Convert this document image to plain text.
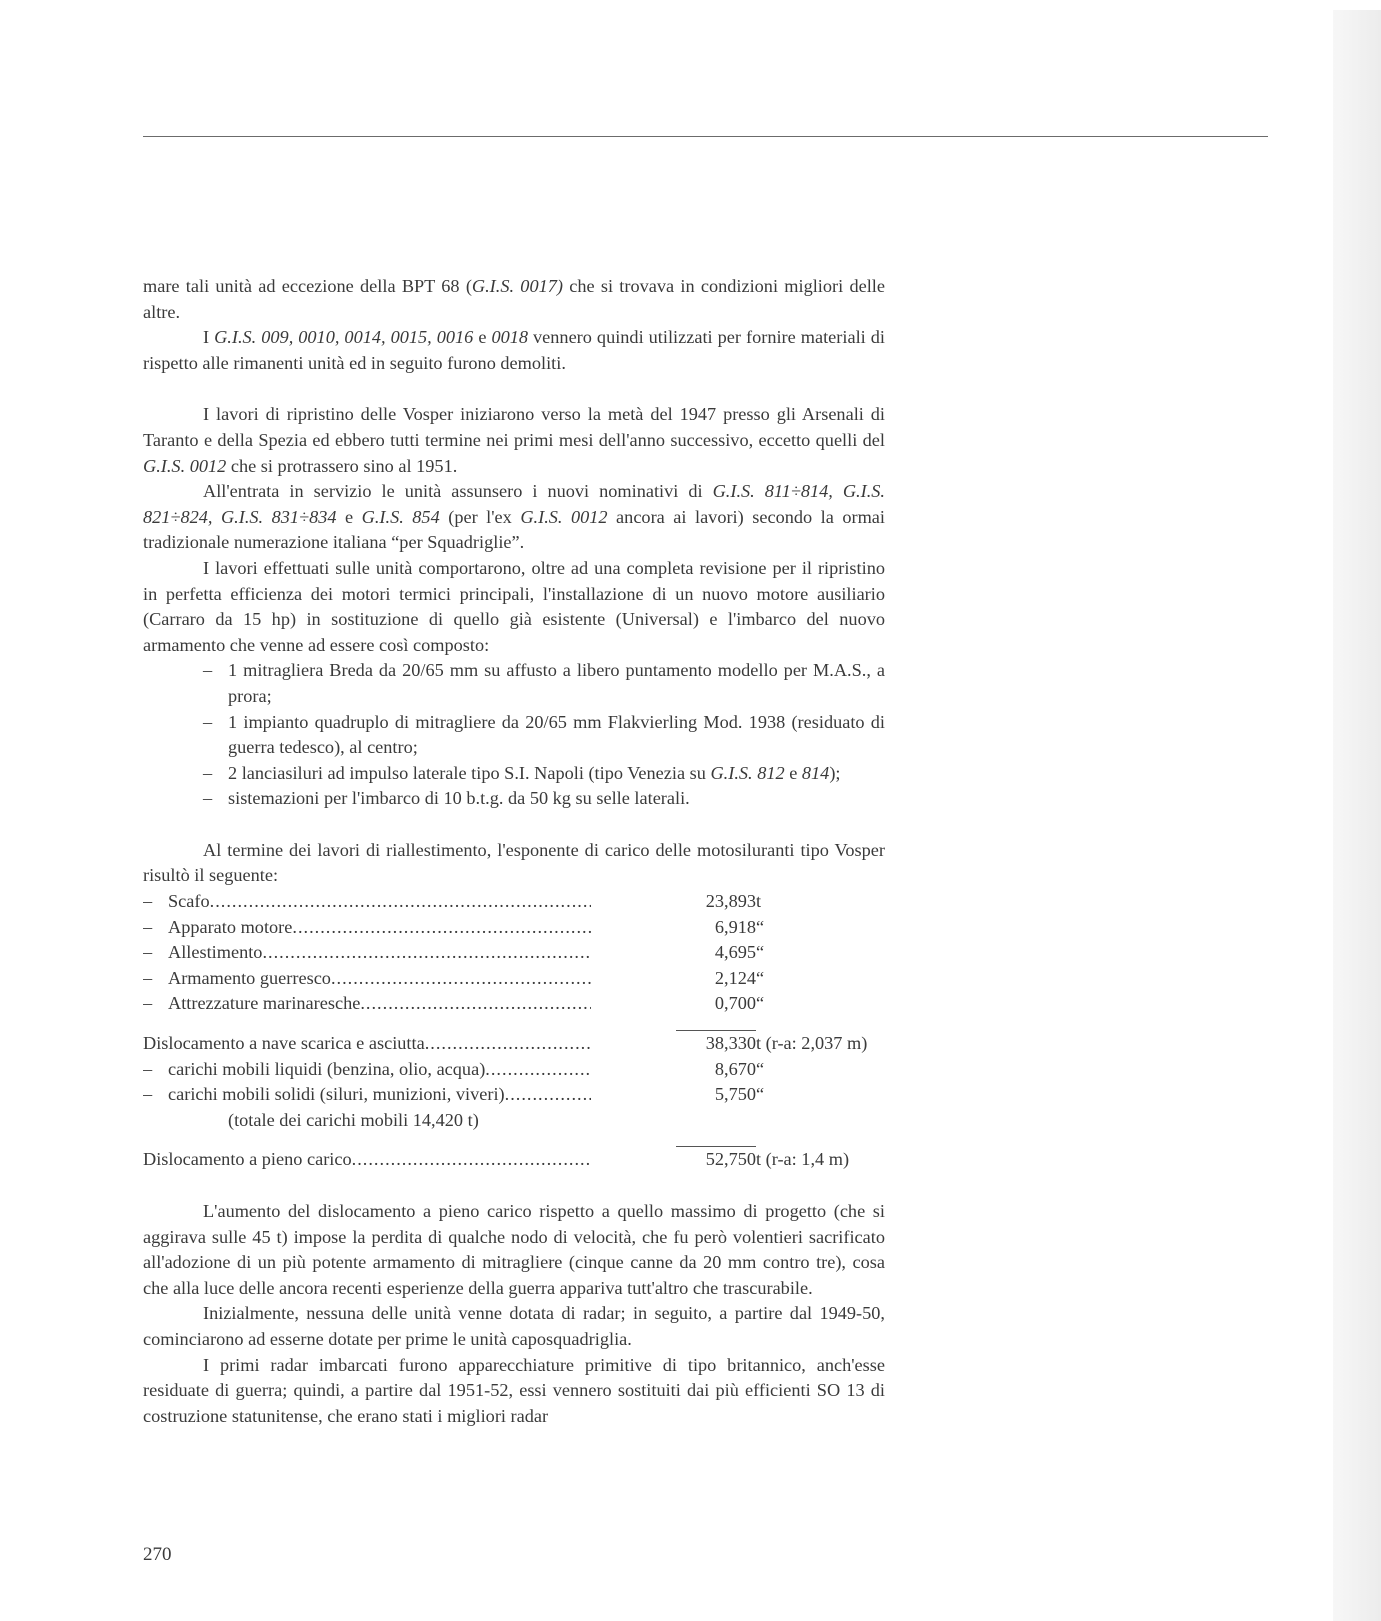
mare tali unità ad eccezione della BPT 68 (G.I.S. 0017) che si trovava in condizioni migliori delle altre.

I G.I.S. 009, 0010, 0014, 0015, 0016 e 0018 vennero quindi utilizzati per fornire materiali di rispetto alle rimanenti unità ed in seguito furono demoliti.

I lavori di ripristino delle Vosper iniziarono verso la metà del 1947 presso gli Arsenali di Taranto e della Spezia ed ebbero tutti termine nei primi mesi dell'anno successivo, eccetto quelli del G.I.S. 0012 che si protrassero sino al 1951.

All'entrata in servizio le unità assunsero i nuovi nominativi di G.I.S. 811÷814, G.I.S. 821÷824, G.I.S. 831÷834 e G.I.S. 854 (per l'ex G.I.S. 0012 ancora ai lavori) secondo la ormai tradizionale numerazione italiana “per Squadriglie”.

I lavori effettuati sulle unità comportarono, oltre ad una completa revisione per il ripristino in perfetta efficienza dei motori termici principali, l'installazione di un nuovo motore ausiliario (Carraro da 15 hp) in sostituzione di quello già esistente (Universal) e l'imbarco del nuovo armamento che venne ad essere così composto:

– 1 mitragliera Breda da 20/65 mm su affusto a libero puntamento modello per M.A.S., a prora;
– 1 impianto quadruplo di mitragliere da 20/65 mm Flakvierling Mod. 1938 (residuato di guerra tedesco), al centro;
– 2 lanciasiluri ad impulso laterale tipo S.I. Napoli (tipo Venezia su G.I.S. 812 e 814);
– sistemazioni per l'imbarco di 10 b.t.g. da 50 kg su selle laterali.

Al termine dei lavori di riallestimento, l'esponente di carico delle motosiluranti tipo Vosper risultò il seguente:

– Scafo
.....	23,893	t

– Apparato motore
.....	6,918	“

– Allestimento
.....	4,695	“

– Armamento guerresco
.....	2,124	“

– Attrezzature marinaresche
.....	0,700	“

Dislocamento a nave scarica e asciutta
.....	38,330	t (r-a: 2,037 m)

– carichi mobili liquidi (benzina, olio, acqua)
.....	8,670	“

– carichi mobili solidi (siluri, munizioni, viveri)
.....	5,750	“
(totale dei carichi mobili 14,420 t)		

Dislocamento a pieno carico
.....	52,750	t (r-a: 1,4 m)

L'aumento del dislocamento a pieno carico rispetto a quello massimo di progetto (che si aggirava sulle 45 t) impose la perdita di qualche nodo di velocità, che fu però volentieri sacrificato all'adozione di un più potente armamento di mitragliere (cinque canne da 20 mm contro tre), cosa che alla luce delle ancora recenti esperienze della guerra appariva tutt'altro che trascurabile.

Inizialmente, nessuna delle unità venne dotata di radar; in seguito, a partire dal 1949-50, cominciarono ad esserne dotate per prime le unità caposquadriglia.

I primi radar imbarcati furono apparecchiature primitive di tipo britannico, anch'esse residuate di guerra; quindi, a partire dal 1951-52, essi vennero sostituiti dai più efficienti SO 13 di costruzione statunitense, che erano stati i migliori radar

270
